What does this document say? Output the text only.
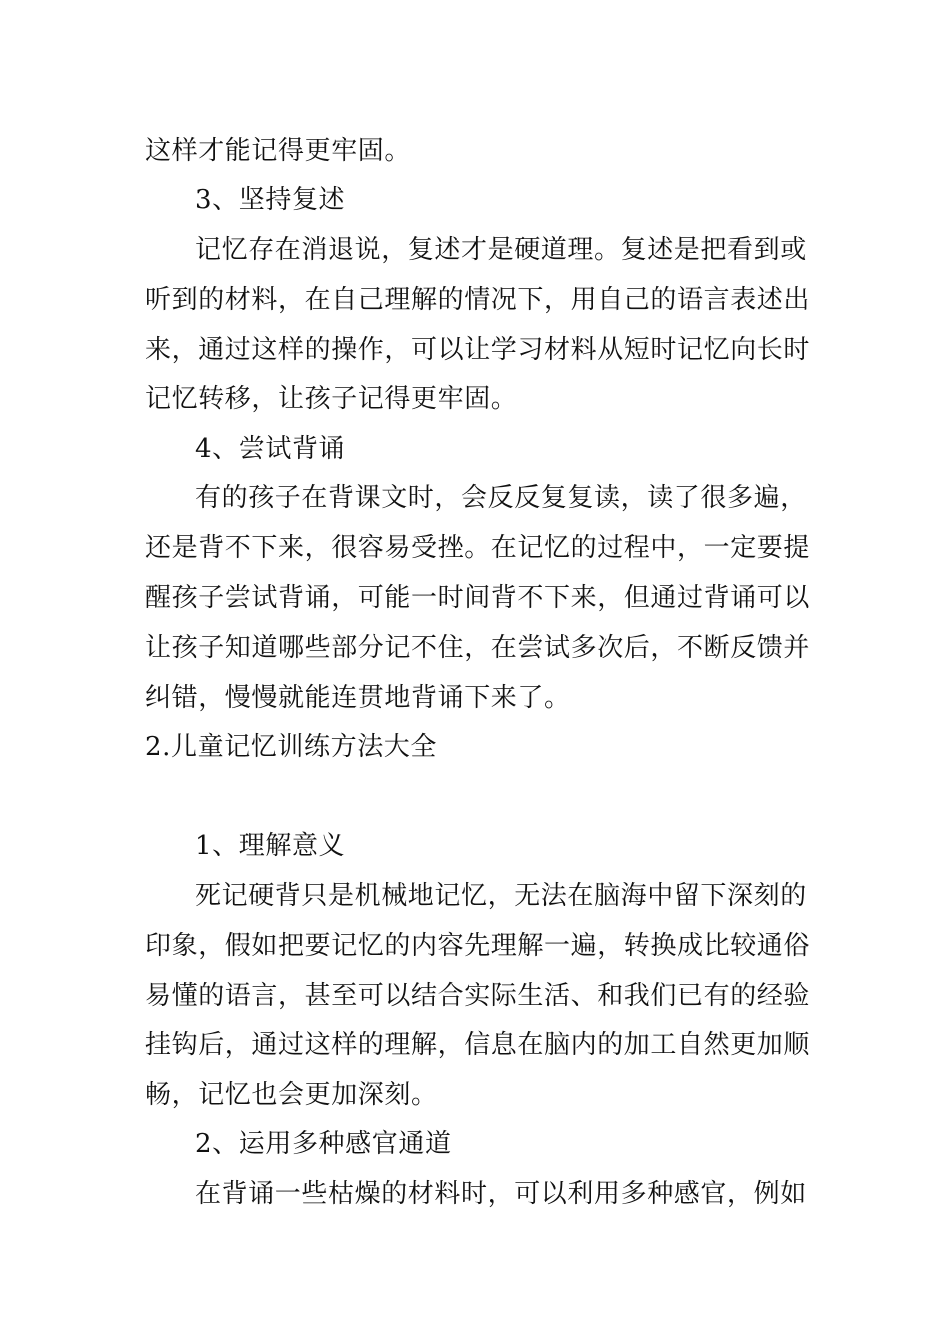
这样才能记得更牢固。
3、坚持复述
记忆存在消退说，复述才是硬道理。复述是把看到或
听到的材料，在自己理解的情况下，用自己的语言表述出
来，通过这样的操作，可以让学习材料从短时记忆向长时
记忆转移，让孩子记得更牢固。
4、尝试背诵
有的孩子在背课文时，会反反复复读，读了很多遍，
还是背不下来，很容易受挫。在记忆的过程中，一定要提
醒孩子尝试背诵，可能一时间背不下来，但通过背诵可以
让孩子知道哪些部分记不住，在尝试多次后，不断反馈并
纠错，慢慢就能连贯地背诵下来了。
2.儿童记忆训练方法大全
1、理解意义
死记硬背只是机械地记忆，无法在脑海中留下深刻的
印象，假如把要记忆的内容先理解一遍，转换成比较通俗
易懂的语言，甚至可以结合实际生活、和我们已有的经验
挂钩后，通过这样的理解，信息在脑内的加工自然更加顺
畅，记忆也会更加深刻。
2、运用多种感官通道
在背诵一些枯燥的材料时，可以利用多种感官，例如
